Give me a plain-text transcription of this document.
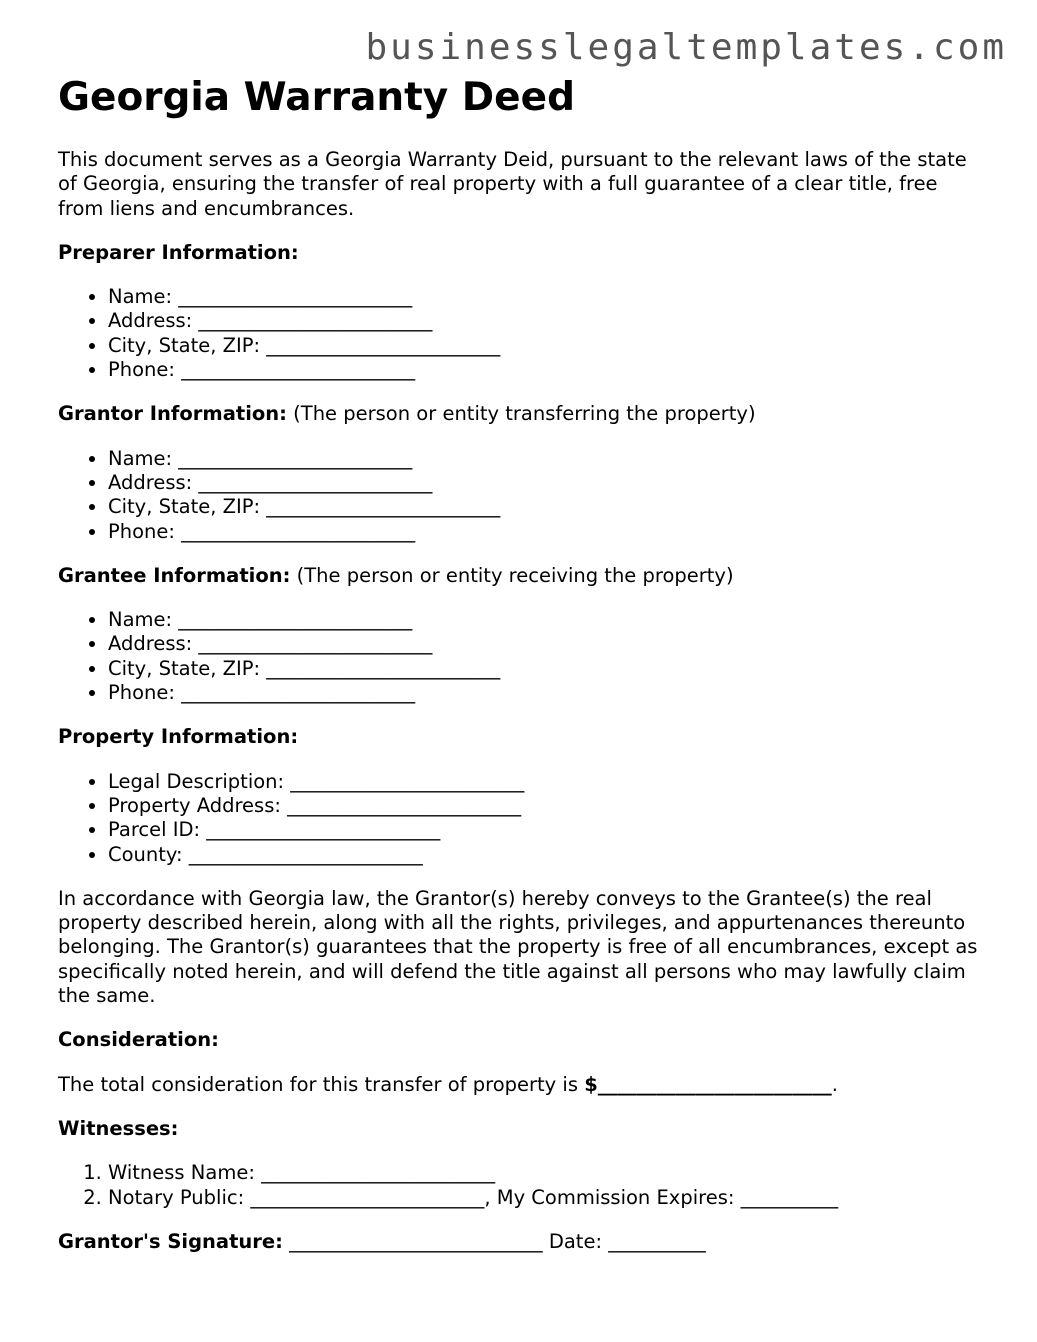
businesslegaltemplates.com
Georgia Warranty Deed

This document serves as a Georgia Warranty Deid, pursuant to the relevant laws of the state of Georgia, ensuring the transfer of real property with a full guarantee of a clear title, free from liens and encumbrances.

Preparer Information:

• Name: ________________________
• Address: ________________________
• City, State, ZIP: ________________________
• Phone: ________________________

Grantor Information: (The person or entity transferring the property)

• Name: ________________________
• Address: ________________________
• City, State, ZIP: ________________________
• Phone: ________________________

Grantee Information: (The person or entity receiving the property)

• Name: ________________________
• Address: ________________________
• City, State, ZIP: ________________________
• Phone: ________________________

Property Information:

• Legal Description: ________________________
• Property Address: ________________________
• Parcel ID: ________________________
• County: ________________________

In accordance with Georgia law, the Grantor(s) hereby conveys to the Grantee(s) the real property described herein, along with all the rights, privileges, and appurtenances thereunto belonging. The Grantor(s) guarantees that the property is free of all encumbrances, except as specifically noted herein, and will defend the title against all persons who may lawfully claim the same.

Consideration:

The total consideration for this transfer of property is $________________________.

Witnesses:

1. Witness Name: ________________________
2. Notary Public: ________________________, My Commission Expires: __________

Grantor's Signature: __________________________ Date: __________
